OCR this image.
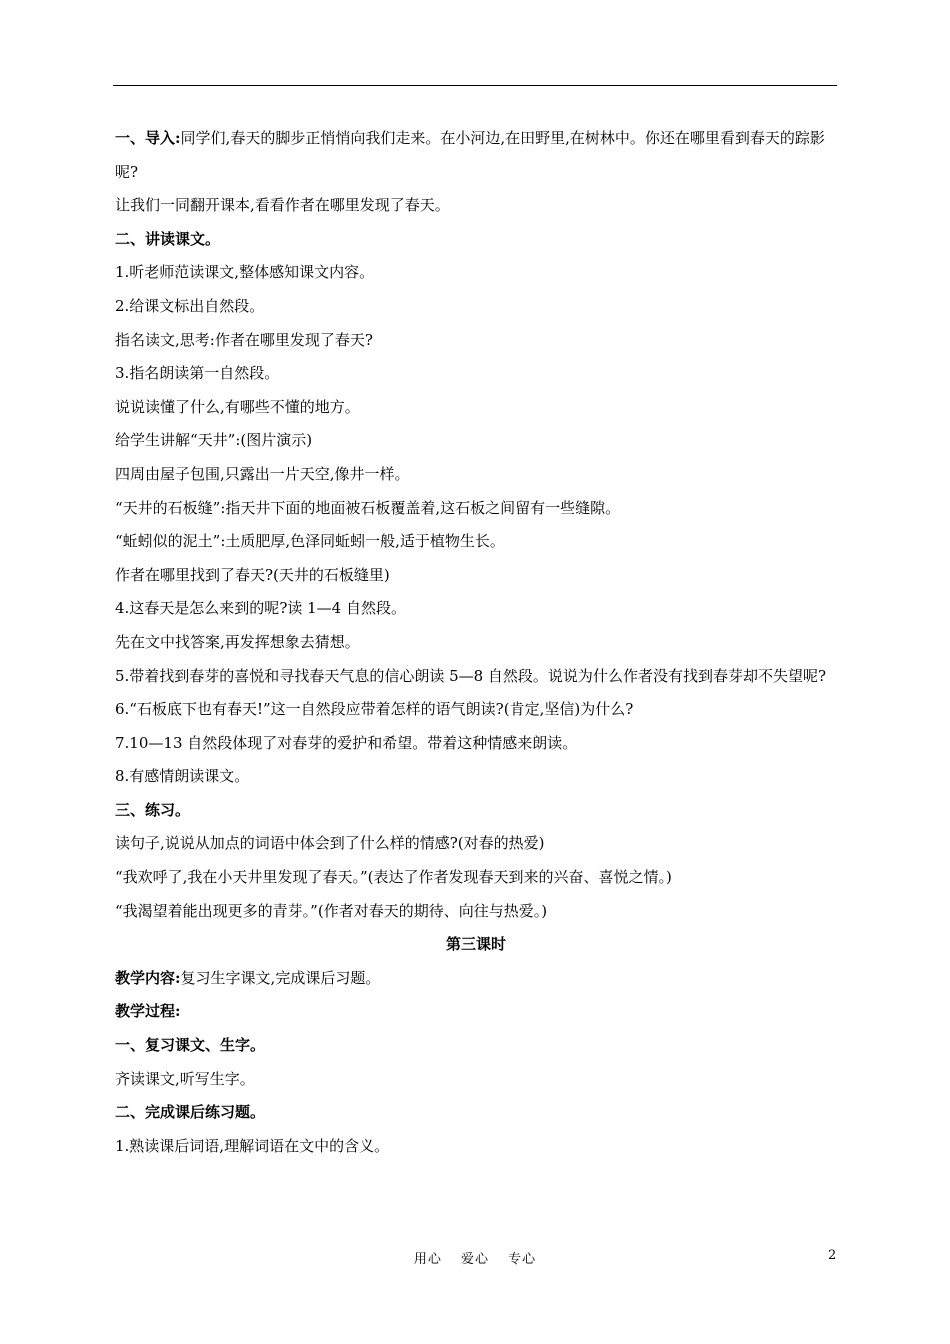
一、导入:同学们,春天的脚步正悄悄向我们走来。在小河边,在田野里,在树林中。你还在哪里看到春天的踪影呢?
让我们一同翻开课本,看看作者在哪里发现了春天。
二、讲读课文。
1.听老师范读课文,整体感知课文内容。
2.给课文标出自然段。
指名读文,思考:作者在哪里发现了春天?
3.指名朗读第一自然段。
说说读懂了什么,有哪些不懂的地方。
给学生讲解“天井”:(图片演示)
四周由屋子包围,只露出一片天空,像井一样。
“天井的石板缝”:指天井下面的地面被石板覆盖着,这石板之间留有一些缝隙。
“蚯蚓似的泥土”:土质肥厚,色泽同蚯蚓一般,适于植物生长。
作者在哪里找到了春天?(天井的石板缝里)
4.这春天是怎么来到的呢?读 1—4 自然段。
先在文中找答案,再发挥想象去猜想。
5.带着找到春芽的喜悦和寻找春天气息的信心朗读 5—8 自然段。说说为什么作者没有找到春芽却不失望呢?
6.“石板底下也有春天!”这一自然段应带着怎样的语气朗读?(肯定,坚信)为什么?
7.10—13 自然段体现了对春芽的爱护和希望。带着这种情感来朗读。
8.有感情朗读课文。
三、练习。
读句子,说说从加点的词语中体会到了什么样的情感?(对春的热爱)
“我欢呼了,我在小天井里发现了春天。”(表达了作者发现春天到来的兴奋、喜悦之情。)
“我渴望着能出现更多的青芽。”(作者对春天的期待、向往与热爱。)
第三课时
教学内容:复习生字课文,完成课后习题。
教学过程:
一、复习课文、生字。
齐读课文,听写生字。
二、完成课后练习题。
1.熟读课后词语,理解词语在文中的含义。
用心　 爱心　 专心	2
